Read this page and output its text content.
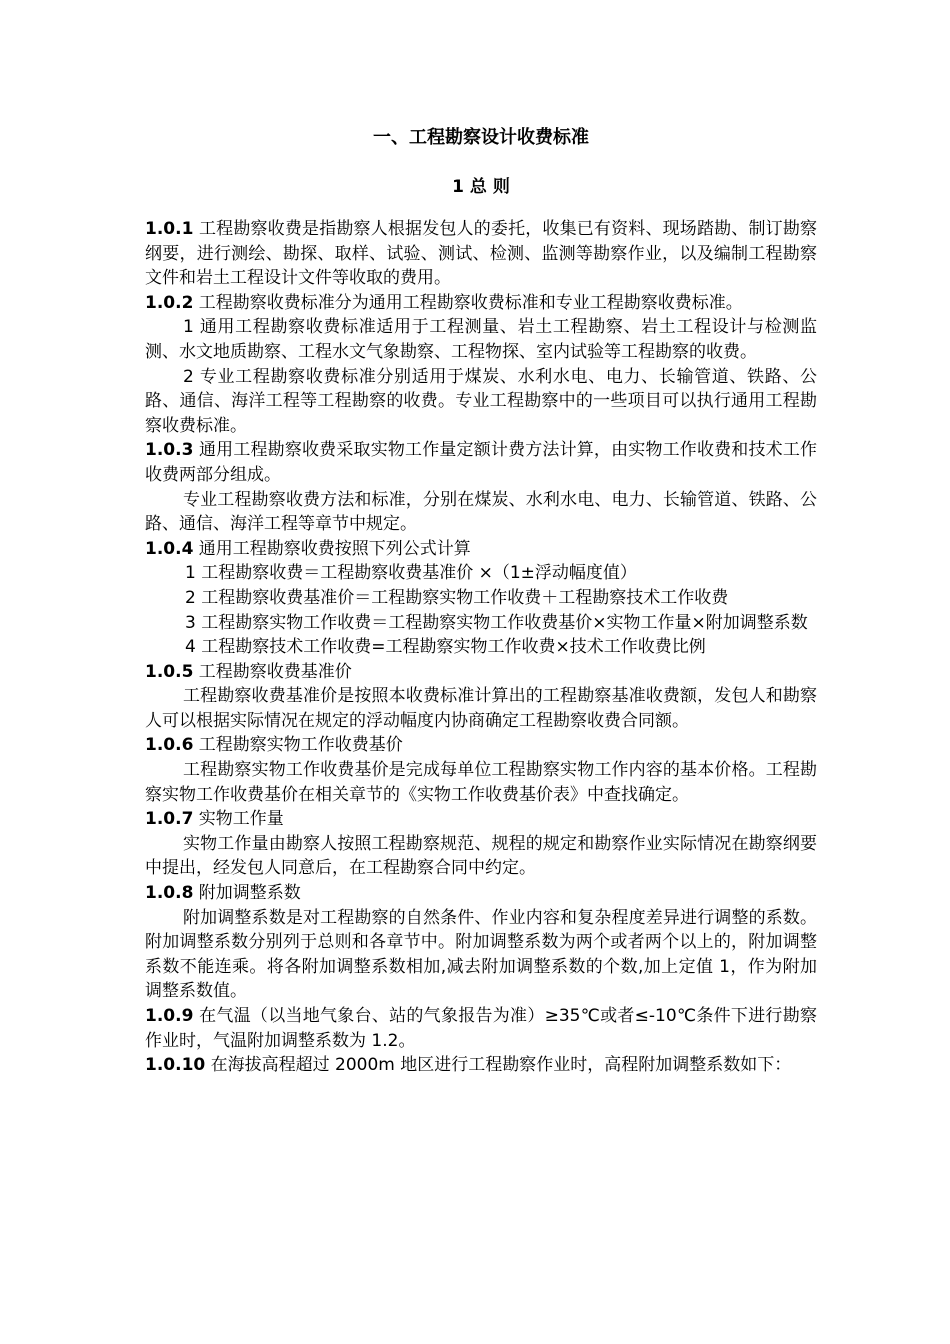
一、工程勘察设计收费标准
1 总 则

1.0.1 工程勘察收费是指勘察人根据发包人的委托，收集已有资料、现场踏勘、制订勘察纲要，进行测绘、勘探、取样、试验、测试、检测、监测等勘察作业，以及编制工程勘察文件和岩土工程设计文件等收取的费用。

1.0.2 工程勘察收费标准分为通用工程勘察收费标准和专业工程勘察收费标准。

1 通用工程勘察收费标准适用于工程测量、岩土工程勘察、岩土工程设计与检测监测、水文地质勘察、工程水文气象勘察、工程物探、室内试验等工程勘察的收费。

2 专业工程勘察收费标准分别适用于煤炭、水利水电、电力、长输管道、铁路、公路、通信、海洋工程等工程勘察的收费。专业工程勘察中的一些项目可以执行通用工程勘察收费标准。

1.0.3 通用工程勘察收费采取实物工作量定额计费方法计算，由实物工作收费和技术工作收费两部分组成。

专业工程勘察收费方法和标准，分别在煤炭、水利水电、电力、长输管道、铁路、公路、通信、海洋工程等章节中规定。

1.0.4 通用工程勘察收费按照下列公式计算

1 工程勘察收费＝工程勘察收费基准价 ×（1±浮动幅度值）

2 工程勘察收费基准价＝工程勘察实物工作收费＋工程勘察技术工作收费

3 工程勘察实物工作收费＝工程勘察实物工作收费基价×实物工作量×附加调整系数

4 工程勘察技术工作收费=工程勘察实物工作收费×技术工作收费比例

1.0.5 工程勘察收费基准价

工程勘察收费基准价是按照本收费标准计算出的工程勘察基准收费额，发包人和勘察人可以根据实际情况在规定的浮动幅度内协商确定工程勘察收费合同额。

1.0.6 工程勘察实物工作收费基价

工程勘察实物工作收费基价是完成每单位工程勘察实物工作内容的基本价格。工程勘察实物工作收费基价在相关章节的《实物工作收费基价表》中查找确定。

1.0.7 实物工作量

实物工作量由勘察人按照工程勘察规范、规程的规定和勘察作业实际情况在勘察纲要中提出，经发包人同意后，在工程勘察合同中约定。

1.0.8 附加调整系数

附加调整系数是对工程勘察的自然条件、作业内容和复杂程度差异进行调整的系数。附加调整系数分别列于总则和各章节中。附加调整系数为两个或者两个以上的，附加调整系数不能连乘。将各附加调整系数相加,减去附加调整系数的个数,加上定值 1，作为附加调整系数值。

1.0.9 在气温（以当地气象台、站的气象报告为准）≥35℃或者≤-10℃条件下进行勘察作业时，气温附加调整系数为 1.2。

1.0.10 在海拔高程超过 2000m 地区进行工程勘察作业时，高程附加调整系数如下：
